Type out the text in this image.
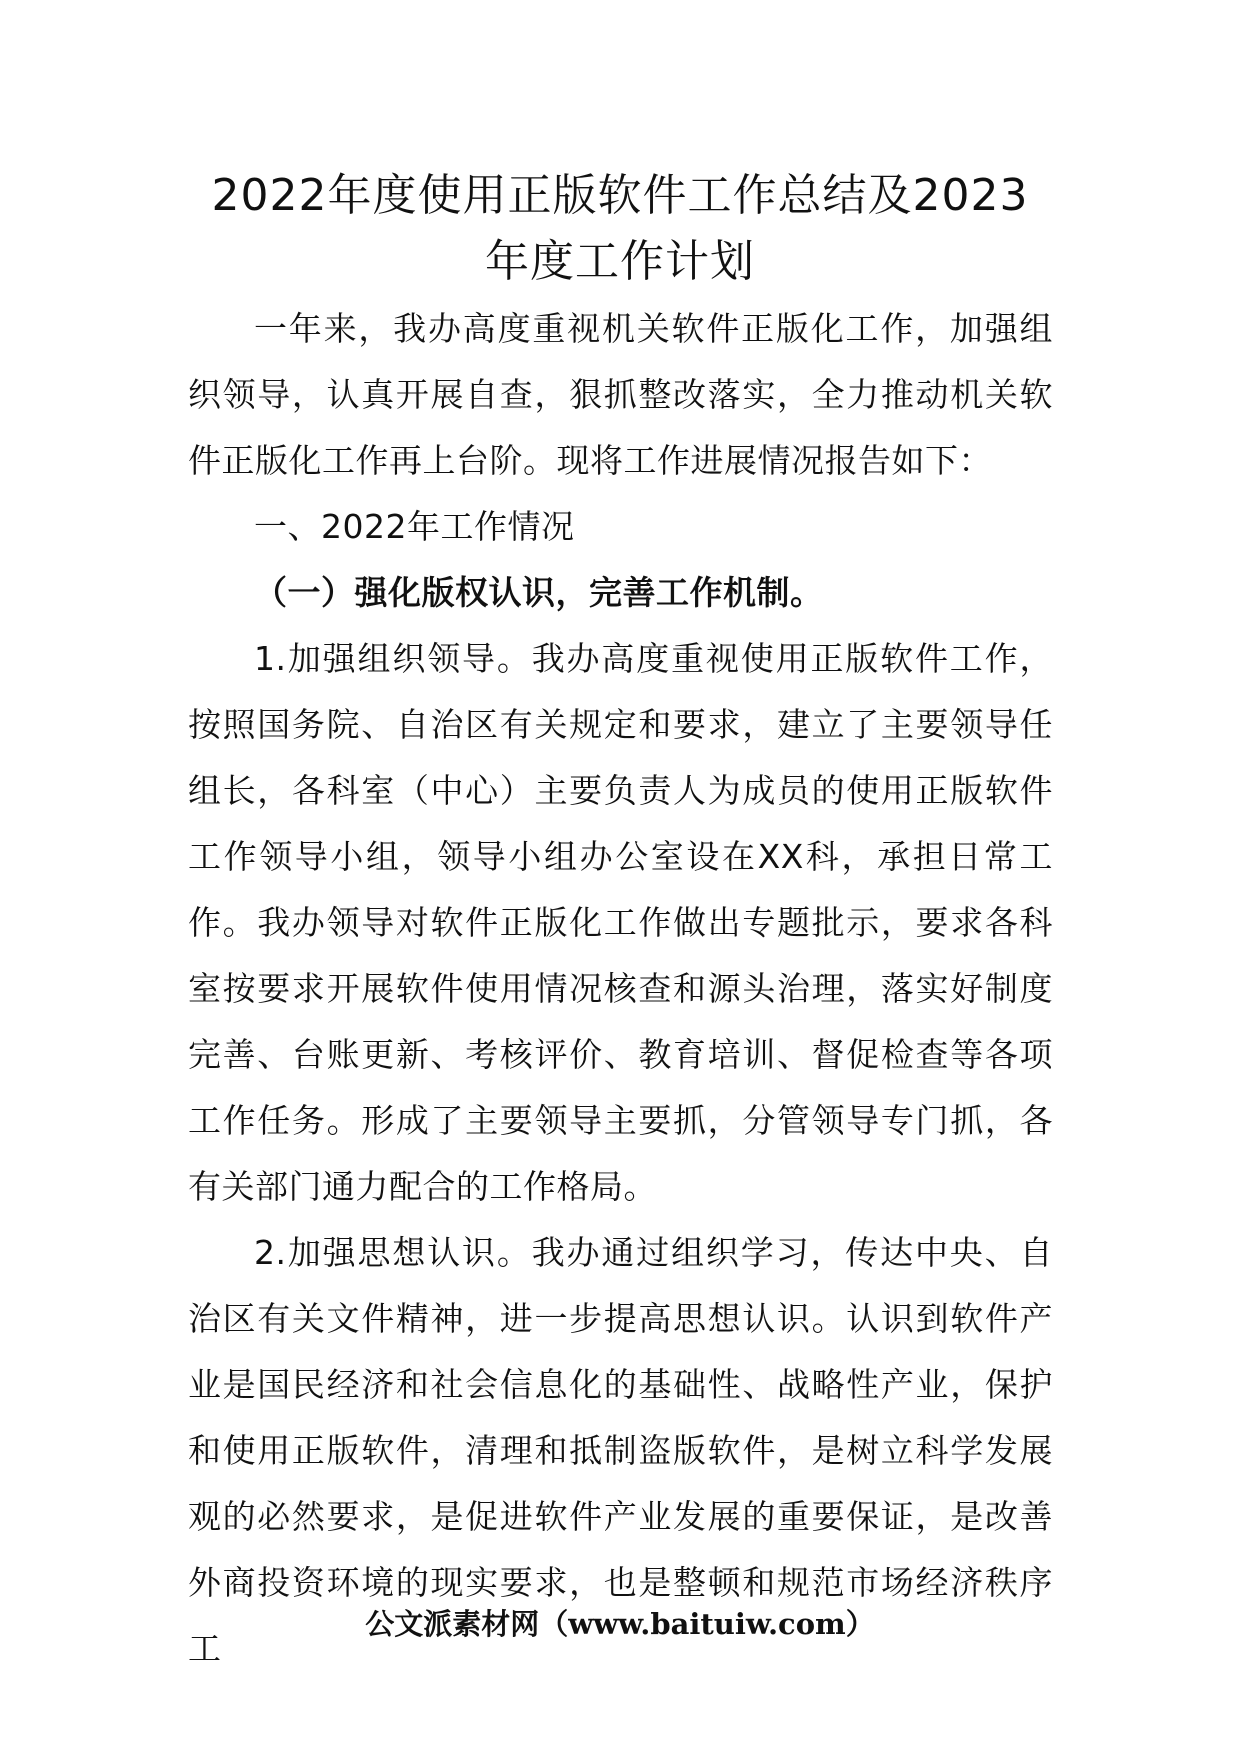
2022年度使用正版软件工作总结及2023
年度工作计划

一年来，我办高度重视机关软件正版化工作，加强组织领导，认真开展自查，狠抓整改落实，全力推动机关软件正版化工作再上台阶。现将工作进展情况报告如下：

一、2022年工作情况

（一）强化版权认识，完善工作机制。

1.加强组织领导。我办高度重视使用正版软件工作，按照国务院、自治区有关规定和要求，建立了主要领导任组长，各科室（中心）主要负责人为成员的使用正版软件工作领导小组，领导小组办公室设在XX科，承担日常工作。我办领导对软件正版化工作做出专题批示，要求各科室按要求开展软件使用情况核查和源头治理，落实好制度完善、台账更新、考核评价、教育培训、督促检查等各项工作任务。形成了主要领导主要抓，分管领导专门抓，各有关部门通力配合的工作格局。

2.加强思想认识。我办通过组织学习，传达中央、自治区有关文件精神，进一步提高思想认识。认识到软件产业是国民经济和社会信息化的基础性、战略性产业，保护和使用正版软件，清理和抵制盗版软件，是树立科学发展观的必然要求，是促进软件产业发展的重要保证，是改善外商投资环境的现实要求，也是整顿和规范市场经济秩序工

公文派素材网（www.baituiw.com）
